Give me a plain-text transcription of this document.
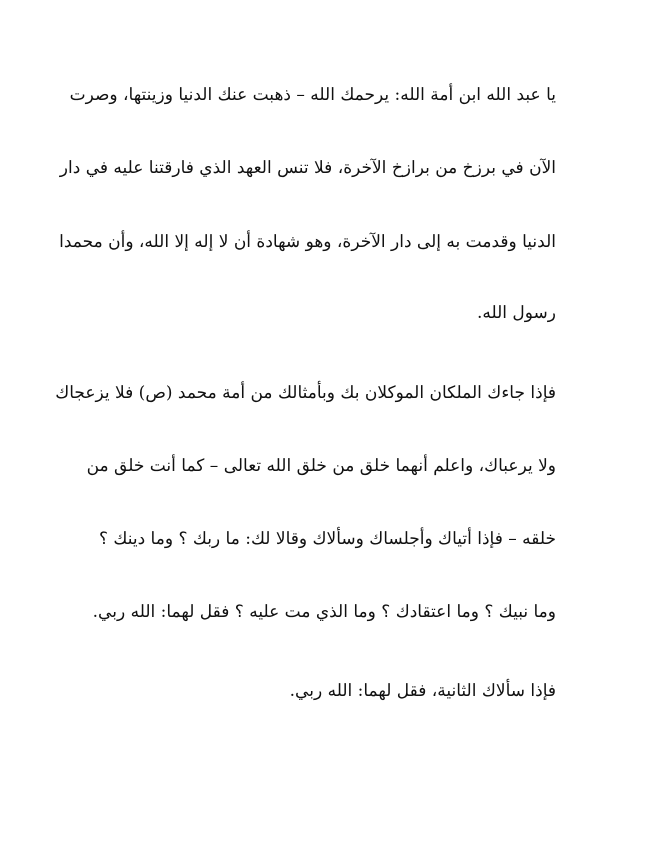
يا عبد الله ابن أمة الله: يرحمك الله – ذهبت عنك الدنيا وزينتها، وصرت
الآن في برزخ من برازخ الآخرة، فلا تنس العهد الذي فارقتنا عليه في دار
الدنيا وقدمت به إلى دار الآخرة، وهو شهادة أن لا إله إلا الله، وأن محمدا
رسول الله.
فإذا جاءك الملكان الموكلان بك وبأمثالك من أمة محمد (ص) فلا يزعجاك
ولا يرعباك، واعلم أنهما خلق من خلق الله تعالى – كما أنت خلق من
خلقه – فإذا أتياك وأجلساك وسألاك وقالا لك: ما ربك ؟ وما دينك ؟
وما نبيك ؟ وما اعتقادك ؟ وما الذي مت عليه ؟ فقل لهما: الله ربي.
فإذا سألاك الثانية، فقل لهما: الله ربي.
